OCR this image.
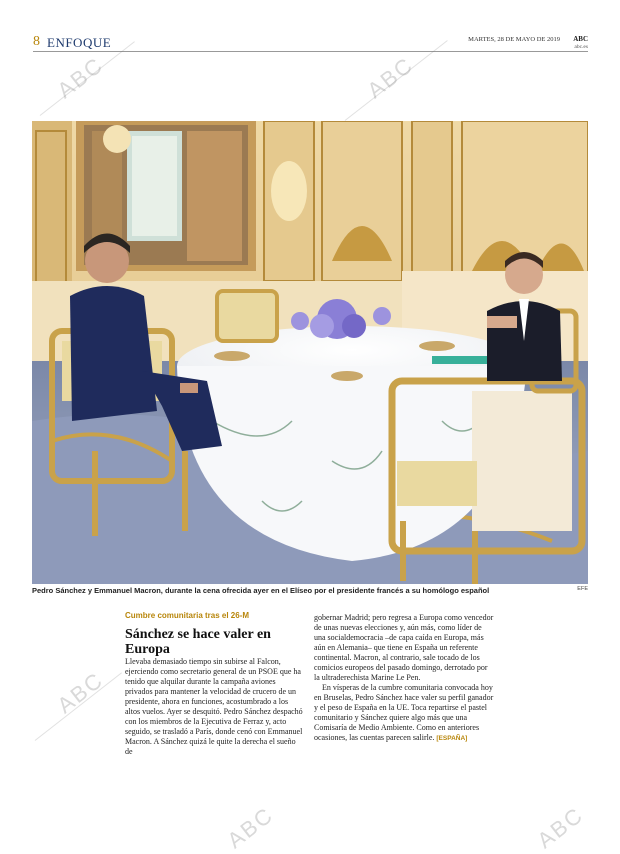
8 ENFOQUE	MARTES, 28 DE MAYO DE 2019 ABC
abc.es
Pedro Sánchez y Emmanuel Macron, durante la cena ofrecida ayer en el Elíseo por el presidente francés a su homólogo español	EFE
Cumbre comunitaria tras el 26-M
Sánchez se hace valer en Europa

Llevaba demasiado tiempo sin subirse al Falcon, ejerciendo como secretario general de un PSOE que ha tenido que alquilar durante la campaña aviones privados para mantener la velocidad de crucero de un presidente, ahora en funciones, acostumbrado a los altos vuelos. Ayer se desquitó. Pedro Sánchez despachó con los miembros de la Ejecutiva de Ferraz y, acto seguido, se trasladó a París, donde cenó con Emmanuel Macron. A Sánchez quizá le quite la derecha el sueño de

gobernar Madrid; pero regresa a Europa como vencedor de unas nuevas elecciones y, aún más, como líder de una socialdemocracia –de capa caída en Europa, más aún en Alemania– que tiene en España un referente continental. Macron, al contrario, sale tocado de los comicios europeos del pasado domingo, derrotado por la ultraderechista Marine Le Pen.

En vísperas de la cumbre comunitaria convocada hoy en Bruselas, Pedro Sánchez hace valer su perfil ganador y el peso de España en la UE. Toca repartirse el pastel comunitario y Sánchez quiere algo más que una Comisaría de Medio Ambiente. Como en anteriores ocasiones, las cuentas parecen salirle. [ESPAÑA]

ABC	ABC
ABC
ABC	ABC
